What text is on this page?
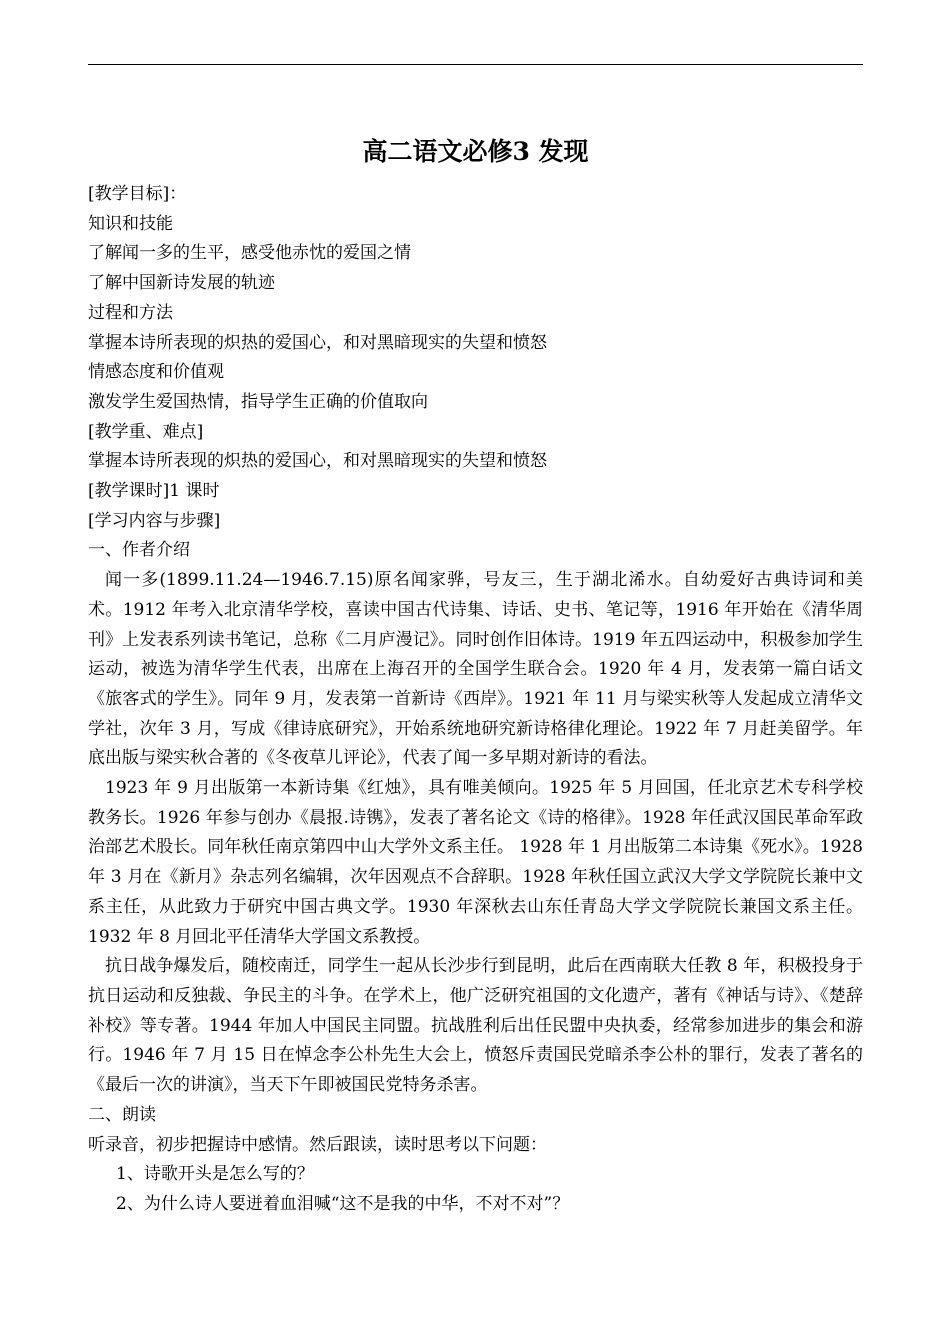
高二语文必修3 发现

[教学目标]：

知识和技能

了解闻一多的生平，感受他赤忱的爱国之情

了解中国新诗发展的轨迹

过程和方法

掌握本诗所表现的炽热的爱国心，和对黑暗现实的失望和愤怒

情感态度和价值观

激发学生爱国热情，指导学生正确的价值取向

[教学重、难点]

掌握本诗所表现的炽热的爱国心，和对黑暗现实的失望和愤怒

[教学课时]1 课时

[学习内容与步骤]

一、作者介绍

闻一多(1899.11.24—1946.7.15)原名闻家骅，号友三，生于湖北浠水。自幼爱好古典诗词和美术。1912 年考入北京清华学校，喜读中国古代诗集、诗话、史书、笔记等，1916 年开始在《清华周刊》上发表系列读书笔记，总称《二月庐漫记》。同时创作旧体诗。1919 年五四运动中，积极参加学生运动，被选为清华学生代表，出席在上海召开的全国学生联合会。1920 年 4 月，发表第一篇白话文《旅客式的学生》。同年 9 月，发表第一首新诗《西岸》。1921 年 11 月与梁实秋等人发起成立清华文学社，次年 3 月，写成《律诗底研究》，开始系统地研究新诗格律化理论。1922 年 7 月赶美留学。年底出版与梁实秋合著的《冬夜草儿评论》，代表了闻一多早期对新诗的看法。

1923 年 9 月出版第一本新诗集《红烛》，具有唯美倾向。1925 年 5 月回国，任北京艺术专科学校教务长。1926 年参与创办《晨报.诗镌》，发表了著名论文《诗的格律》。1928 年任武汉国民革命军政治部艺术股长。同年秋任南京第四中山大学外文系主任。 1928 年 1 月出版第二本诗集《死水》。1928 年 3 月在《新月》杂志列名编辑，次年因观点不合辞职。1928 年秋任国立武汉大学文学院院长兼中文系主任，从此致力于研究中国古典文学。1930 年深秋去山东任青岛大学文学院院长兼国文系主任。1932 年 8 月回北平任清华大学国文系教授。

抗日战争爆发后，随校南迁，同学生一起从长沙步行到昆明，此后在西南联大任教 8 年，积极投身于抗日运动和反独裁、争民主的斗争。在学术上，他广泛研究祖国的文化遗产，著有《神话与诗》、《楚辞补校》等专著。1944 年加人中国民主同盟。抗战胜利后出任民盟中央执委，经常参加进步的集会和游行。1946 年 7 月 15 日在悼念李公朴先生大会上，愤怒斥责国民党暗杀李公朴的罪行，发表了著名的《最后一次的讲演》，当天下午即被国民党特务杀害。

二、朗读

听录音，初步把握诗中感情。然后跟读，读时思考以下问题：

1、诗歌开头是怎么写的？

2、为什么诗人要迸着血泪喊“这不是我的中华，不对不对”？
